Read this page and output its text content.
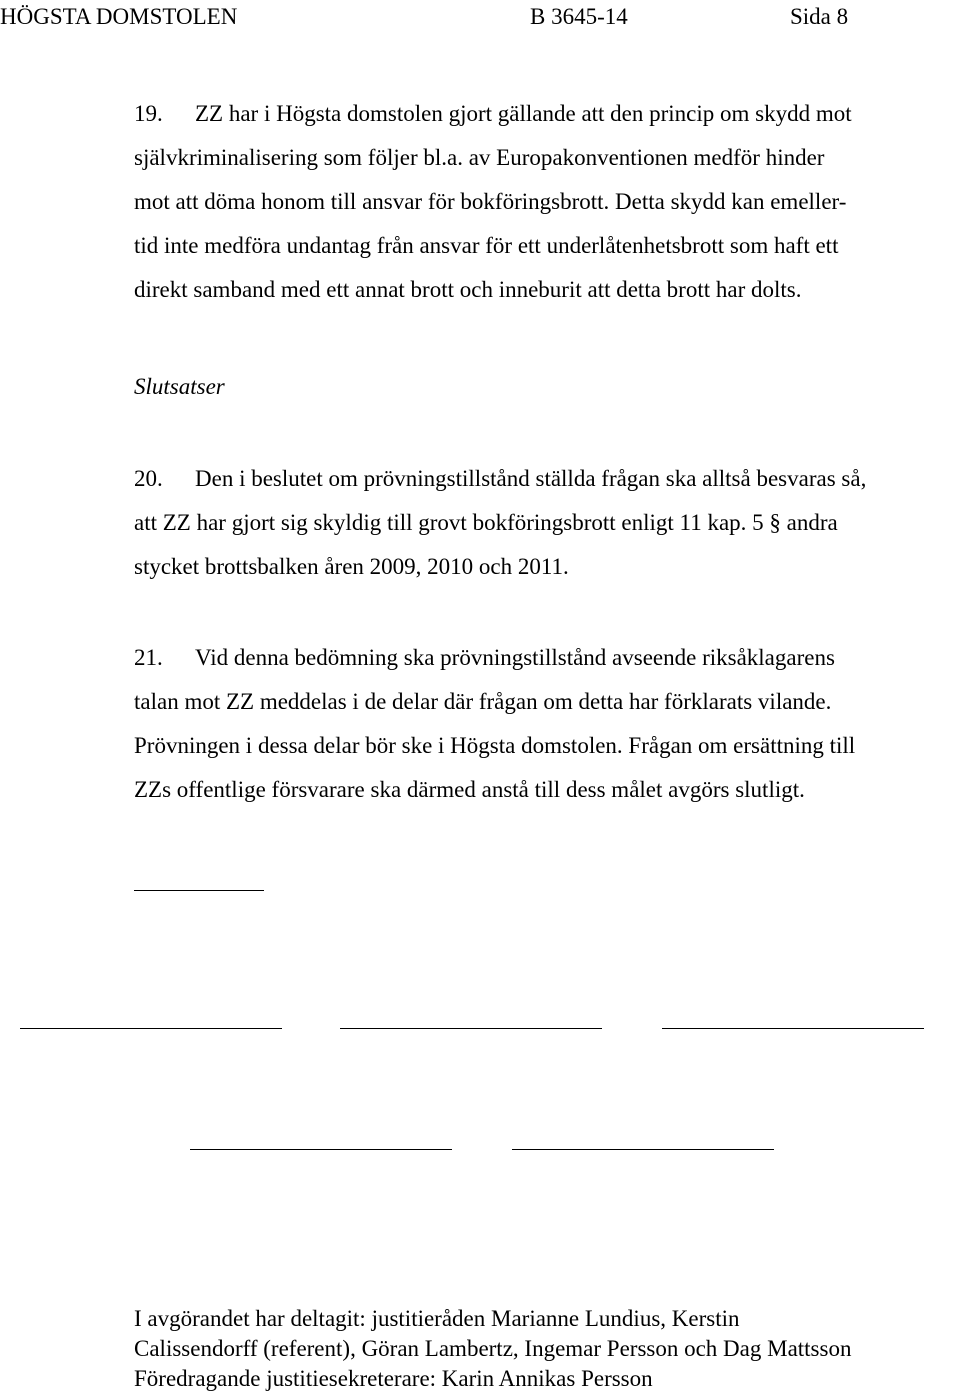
HÖGSTA DOMSTOLEN	B 3645-14	Sida 8
19. ZZ har i Högsta domstolen gjort gällande att den princip om skydd mot
självkriminalisering som följer bl.a. av Europakonventionen medför hinder
mot att döma honom till ansvar för bokföringsbrott. Detta skydd kan emeller-
tid inte medföra undantag från ansvar för ett underlåtenhetsbrott som haft ett
direkt samband med ett annat brott och inneburit att detta brott har dolts.
Slutsatser
20. Den i beslutet om prövningstillstånd ställda frågan ska alltså besvaras så,
att ZZ har gjort sig skyldig till grovt bokföringsbrott enligt 11 kap. 5 § andra
stycket brottsbalken åren 2009, 2010 och 2011.
21. Vid denna bedömning ska prövningstillstånd avseende riksåklagarens
talan mot ZZ meddelas i de delar där frågan om detta har förklarats vilande.
Prövningen i dessa delar bör ske i Högsta domstolen. Frågan om ersättning till
ZZs offentlige försvarare ska därmed anstå till dess målet avgörs slutligt.
I avgörandet har deltagit: justitieråden Marianne Lundius, Kerstin
Calissendorff (referent), Göran Lambertz, Ingemar Persson och Dag Mattsson
Föredragande justitiesekreterare: Karin Annikas Persson
